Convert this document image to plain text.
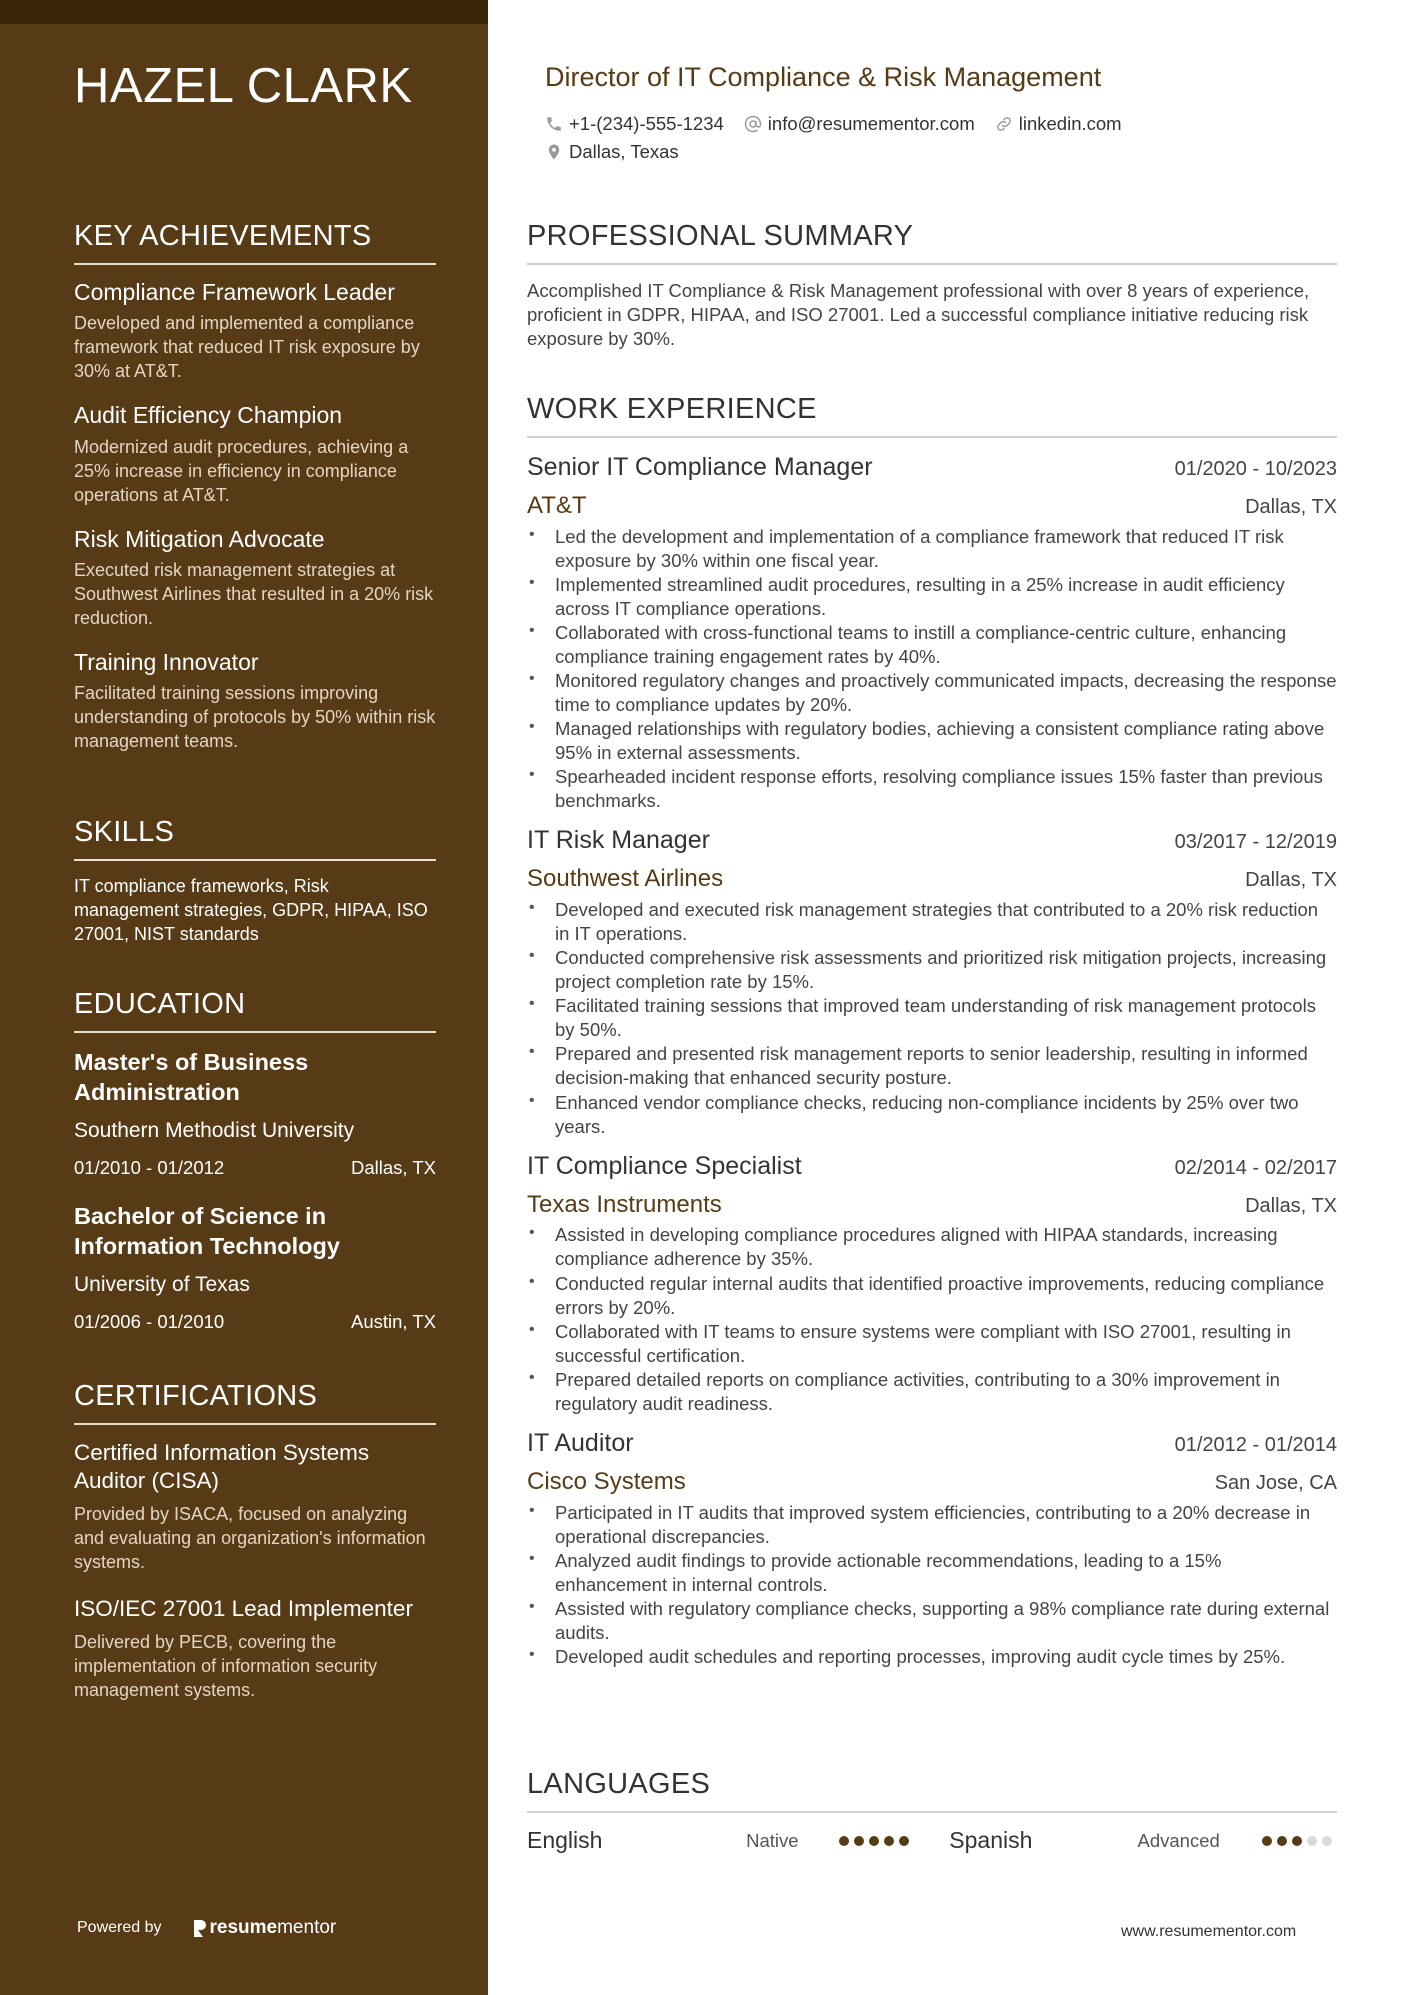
HAZEL CLARK
KEY ACHIEVEMENTS
Compliance Framework Leader
Developed and implemented a compliance framework that reduced IT risk exposure by 30% at AT&T.
Audit Efficiency Champion
Modernized audit procedures, achieving a 25% increase in efficiency in compliance operations at AT&T.
Risk Mitigation Advocate
Executed risk management strategies at Southwest Airlines that resulted in a 20% risk reduction.
Training Innovator
Facilitated training sessions improving understanding of protocols by 50% within risk management teams.
SKILLS
IT compliance frameworks, Risk management strategies, GDPR, HIPAA, ISO 27001, NIST standards
EDUCATION
Master's of Business Administration
Southern Methodist University
01/2010 - 01/2012	Dallas, TX
Bachelor of Science in Information Technology
University of Texas
01/2006 - 01/2010	Austin, TX
CERTIFICATIONS
Certified Information Systems Auditor (CISA)
Provided by ISACA, focused on analyzing and evaluating an organization's information systems.
ISO/IEC 27001 Lead Implementer
Delivered by PECB, covering the implementation of information security management systems.
Powered by	resume mentor
Director of IT Compliance & Risk Management
+1-(234)-555-1234 info@resumementor.com linkedin.com
Dallas, Texas
PROFESSIONAL SUMMARY
Accomplished IT Compliance & Risk Management professional with over 8 years of experience, proficient in GDPR, HIPAA, and ISO 27001. Led a successful compliance initiative reducing risk exposure by 30%.
WORK EXPERIENCE
Senior IT Compliance Manager	01/2020 - 10/2023
AT&T	Dallas, TX
• Led the development and implementation of a compliance framework that reduced IT risk exposure by 30% within one fiscal year.
• Implemented streamlined audit procedures, resulting in a 25% increase in audit efficiency across IT compliance operations.
• Collaborated with cross-functional teams to instill a compliance-centric culture, enhancing compliance training engagement rates by 40%.
• Monitored regulatory changes and proactively communicated impacts, decreasing the response time to compliance updates by 20%.
• Managed relationships with regulatory bodies, achieving a consistent compliance rating above 95% in external assessments.
• Spearheaded incident response efforts, resolving compliance issues 15% faster than previous benchmarks.
IT Risk Manager	03/2017 - 12/2019
Southwest Airlines	Dallas, TX
• Developed and executed risk management strategies that contributed to a 20% risk reduction in IT operations.
• Conducted comprehensive risk assessments and prioritized risk mitigation projects, increasing project completion rate by 15%.
• Facilitated training sessions that improved team understanding of risk management protocols by 50%.
• Prepared and presented risk management reports to senior leadership, resulting in informed decision-making that enhanced security posture.
• Enhanced vendor compliance checks, reducing non-compliance incidents by 25% over two years.
IT Compliance Specialist	02/2014 - 02/2017
Texas Instruments	Dallas, TX
• Assisted in developing compliance procedures aligned with HIPAA standards, increasing compliance adherence by 35%.
• Conducted regular internal audits that identified proactive improvements, reducing compliance errors by 20%.
• Collaborated with IT teams to ensure systems were compliant with ISO 27001, resulting in successful certification.
• Prepared detailed reports on compliance activities, contributing to a 30% improvement in regulatory audit readiness.
IT Auditor	01/2012 - 01/2014
Cisco Systems	San Jose, CA
• Participated in IT audits that improved system efficiencies, contributing to a 20% decrease in operational discrepancies.
• Analyzed audit findings to provide actionable recommendations, leading to a 15% enhancement in internal controls.
• Assisted with regulatory compliance checks, supporting a 98% compliance rate during external audits.
• Developed audit schedules and reporting processes, improving audit cycle times by 25%.
LANGUAGES
English	Native	Spanish	Advanced
www.resumementor.com
